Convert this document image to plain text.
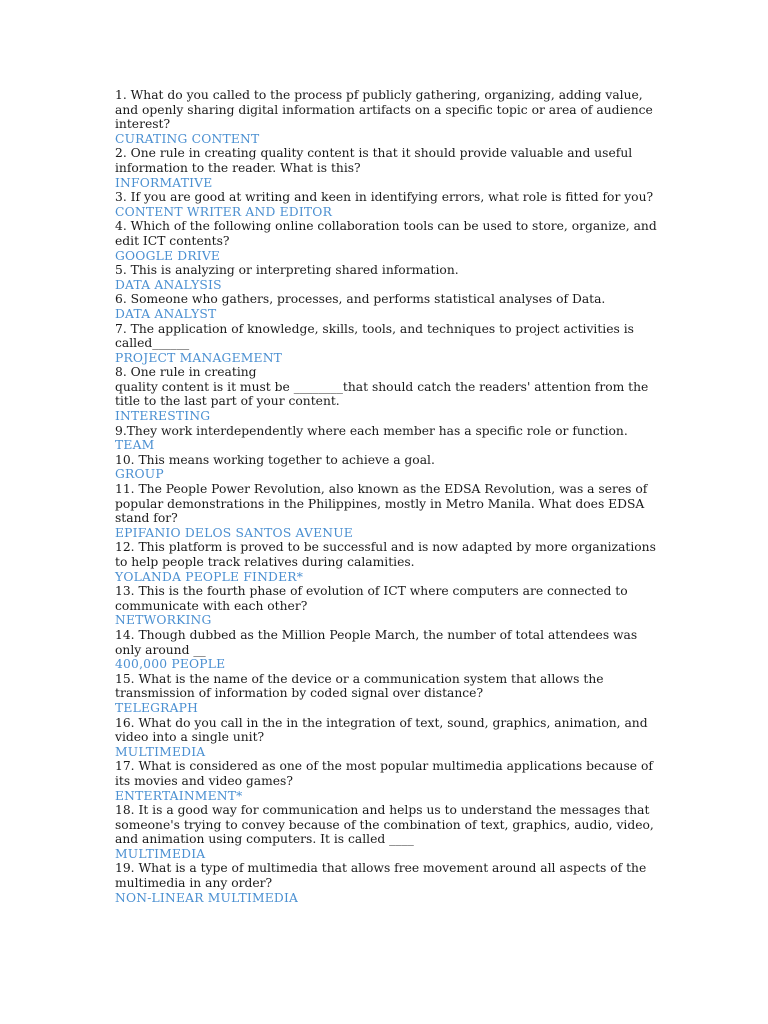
1. What do you called to the process pf publicly gathering, organizing, adding value, and openly sharing digital information artifacts on a specific topic or area of audience interest?

CURATING CONTENT

2. One rule in creating quality content is that it should provide valuable and useful information to the reader. What is this?

INFORMATIVE

3. If you are good at writing and keen in identifying errors, what role is fitted for you?

CONTENT WRITER AND EDITOR

4. Which of the following online collaboration tools can be used to store, organize, and edit ICT contents?

GOOGLE DRIVE

5. This is analyzing or interpreting shared information.

DATA ANALYSIS

6. Someone who gathers, processes, and performs statistical analyses of Data.

DATA ANALYST

7. The application of knowledge, skills, tools, and techniques to project activities is called______

PROJECT MANAGEMENT

8. One rule in creating
quality content is it must be ________that should catch the readers' attention from the title to the last part of your content.

INTERESTING

9.They work interdependently where each member has a specific role or function.

TEAM

10. This means working together to achieve a goal.

GROUP

11. The People Power Revolution, also known as the EDSA Revolution, was a seres of popular demonstrations in the Philippines, mostly in Metro Manila. What does EDSA stand for?

EPIFANIO DELOS SANTOS AVENUE

12. This platform is proved to be successful and is now adapted by more organizations to help people track relatives during calamities.

YOLANDA PEOPLE FINDER*

13. This is the fourth phase of evolution of ICT where computers are connected to communicate with each other?

NETWORKING

14. Though dubbed as the Million People March, the number of total attendees was only around __

400,000 PEOPLE

15. What is the name of the device or a communication system that allows the transmission of information by coded signal over distance?

TELEGRAPH

16. What do you call in the in the integration of text, sound, graphics, animation, and video into a single unit?

MULTIMEDIA

17. What is considered as one of the most popular multimedia applications because of its movies and video games?

ENTERTAINMENT*

18. It is a good way for communication and helps us to understand the messages that someone's trying to convey because of the combination of text, graphics, audio, video, and animation using computers. It is called ____

MULTIMEDIA

19. What is a type of multimedia that allows free movement around all aspects of the multimedia in any order?

NON-LINEAR MULTIMEDIA
